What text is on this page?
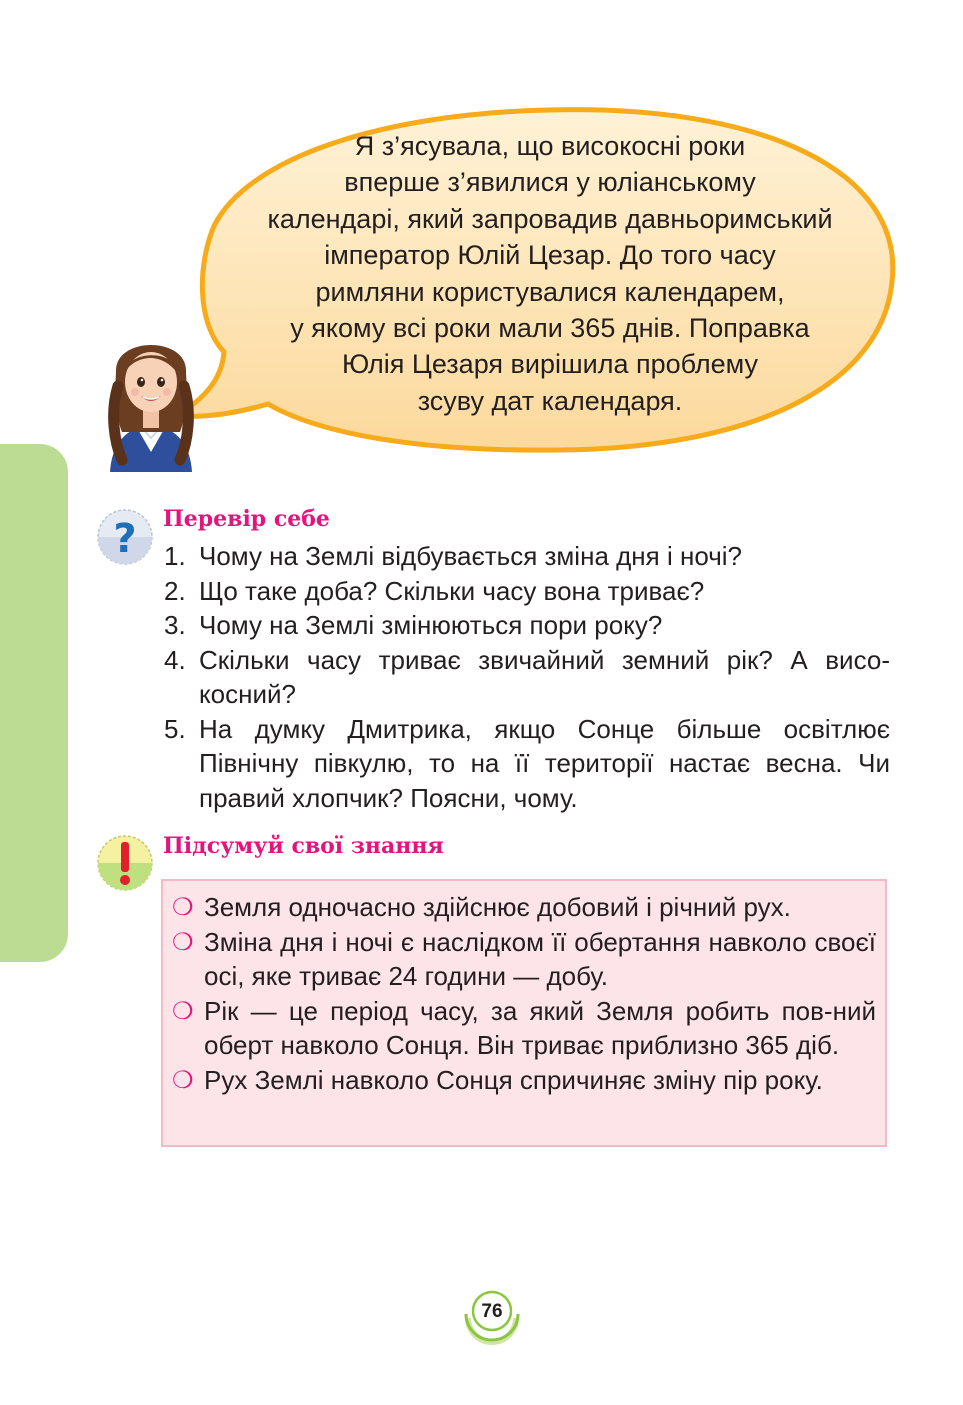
Я з’ясувала, що високосні роки
вперше з’явилися у юліанському
календарі, який запровадив давньоримський
імператор Юлій Цезар. До того часу
римляни користувалися календарем,
у якому всі роки мали 365 днів. Поправка
Юлія Цезаря вирішила проблему
зсуву дат календаря.
? Перевір себе
1. Чому на Землі відбувається зміна дня і ночі?
2. Що таке доба? Скільки часу вона триває?
3. Чому на Землі змінюються пори року?
4. Скільки часу триває звичайний земний рік? А висо-косний?
5. На думку Дмитрика, якщо Сонце більше освітлює Північну півкулю, то на її території настає весна. Чи правий хлопчик? Поясни, чому.
Підсумуй свої знання
❍ Земля одночасно здійснює добовий і річний рух.
❍ Зміна дня і ночі є наслідком її обертання навколо своєї осі, яке триває 24 години — добу.
❍ Рік — це період часу, за який Земля робить пов-ний оберт навколо Сонця. Він триває приблизно 365 діб.
❍ Рух Землі навколо Сонця спричиняє зміну пір року.
76
